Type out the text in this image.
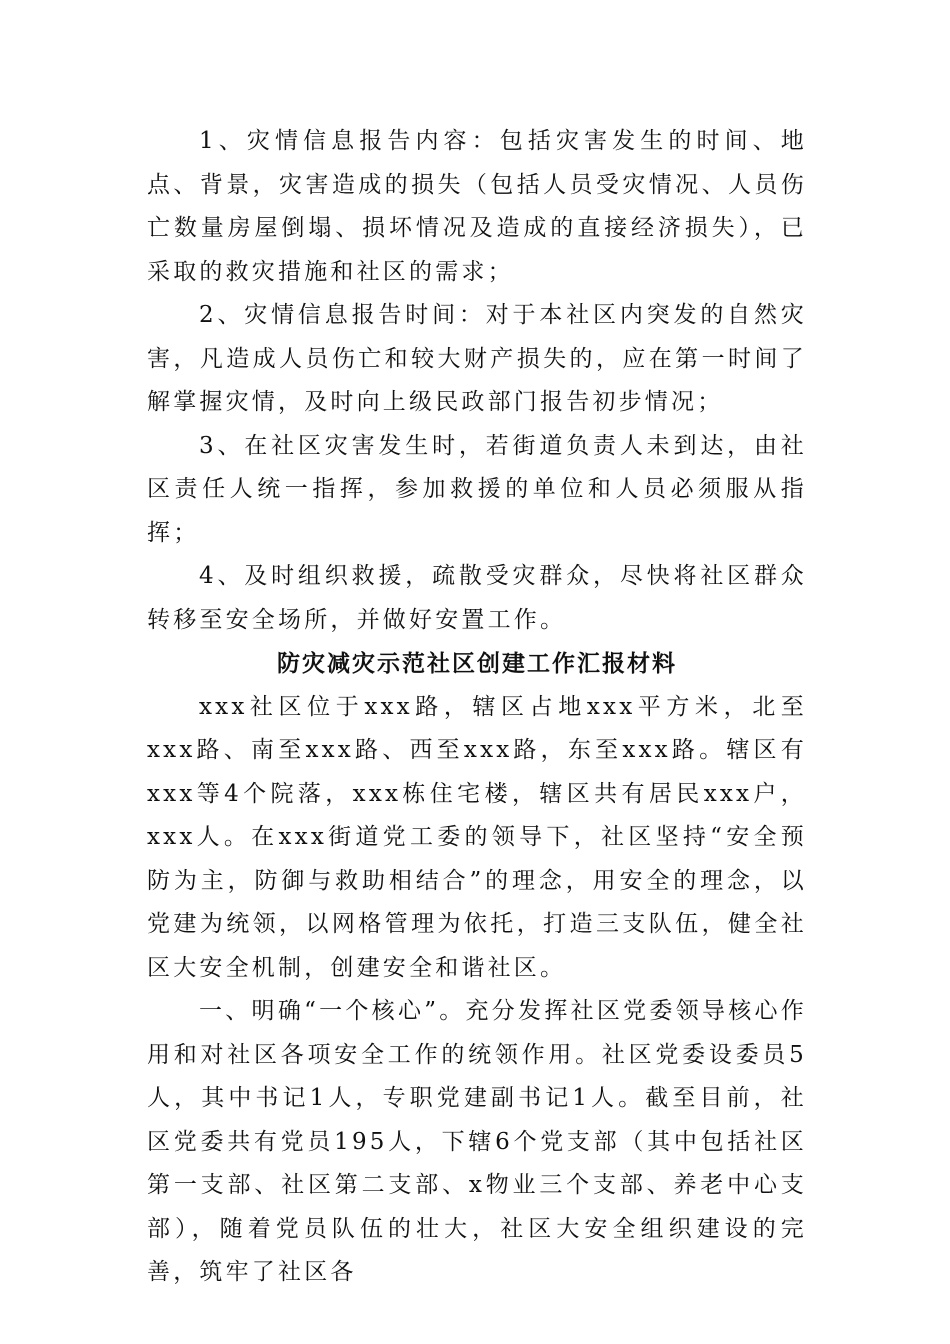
1、灾情信息报告内容：包括灾害发生的时间、地点、背景，灾害造成的损失（包括人员受灾情况、人员伤亡数量房屋倒塌、损坏情况及造成的直接经济损失），已采取的救灾措施和社区的需求；

2、灾情信息报告时间：对于本社区内突发的自然灾害，凡造成人员伤亡和较大财产损失的，应在第一时间了解掌握灾情，及时向上级民政部门报告初步情况；

3、在社区灾害发生时，若街道负责人未到达，由社区责任人统一指挥，参加救援的单位和人员必须服从指挥；

4、及时组织救援，疏散受灾群众，尽快将社区群众转移至安全场所，并做好安置工作。

防灾减灾示范社区创建工作汇报材料

xxx社区位于xxx路，辖区占地xxx平方米，北至xxx路、南至xxx路、西至xxx路，东至xxx路。辖区有xxx等4个院落，xxx栋住宅楼，辖区共有居民xxx户，xxx人。在xxx街道党工委的领导下，社区坚持“安全预防为主，防御与救助相结合”的理念，用安全的理念，以党建为统领，以网格管理为依托，打造三支队伍，健全社区大安全机制，创建安全和谐社区。

一、明确“一个核心”。充分发挥社区党委领导核心作用和对社区各项安全工作的统领作用。社区党委设委员5人，其中书记1人，专职党建副书记1人。截至目前，社区党委共有党员195人，下辖6个党支部（其中包括社区第一支部、社区第二支部、x物业三个支部、养老中心支部），随着党员队伍的壮大，社区大安全组织建设的完善，筑牢了社区各
